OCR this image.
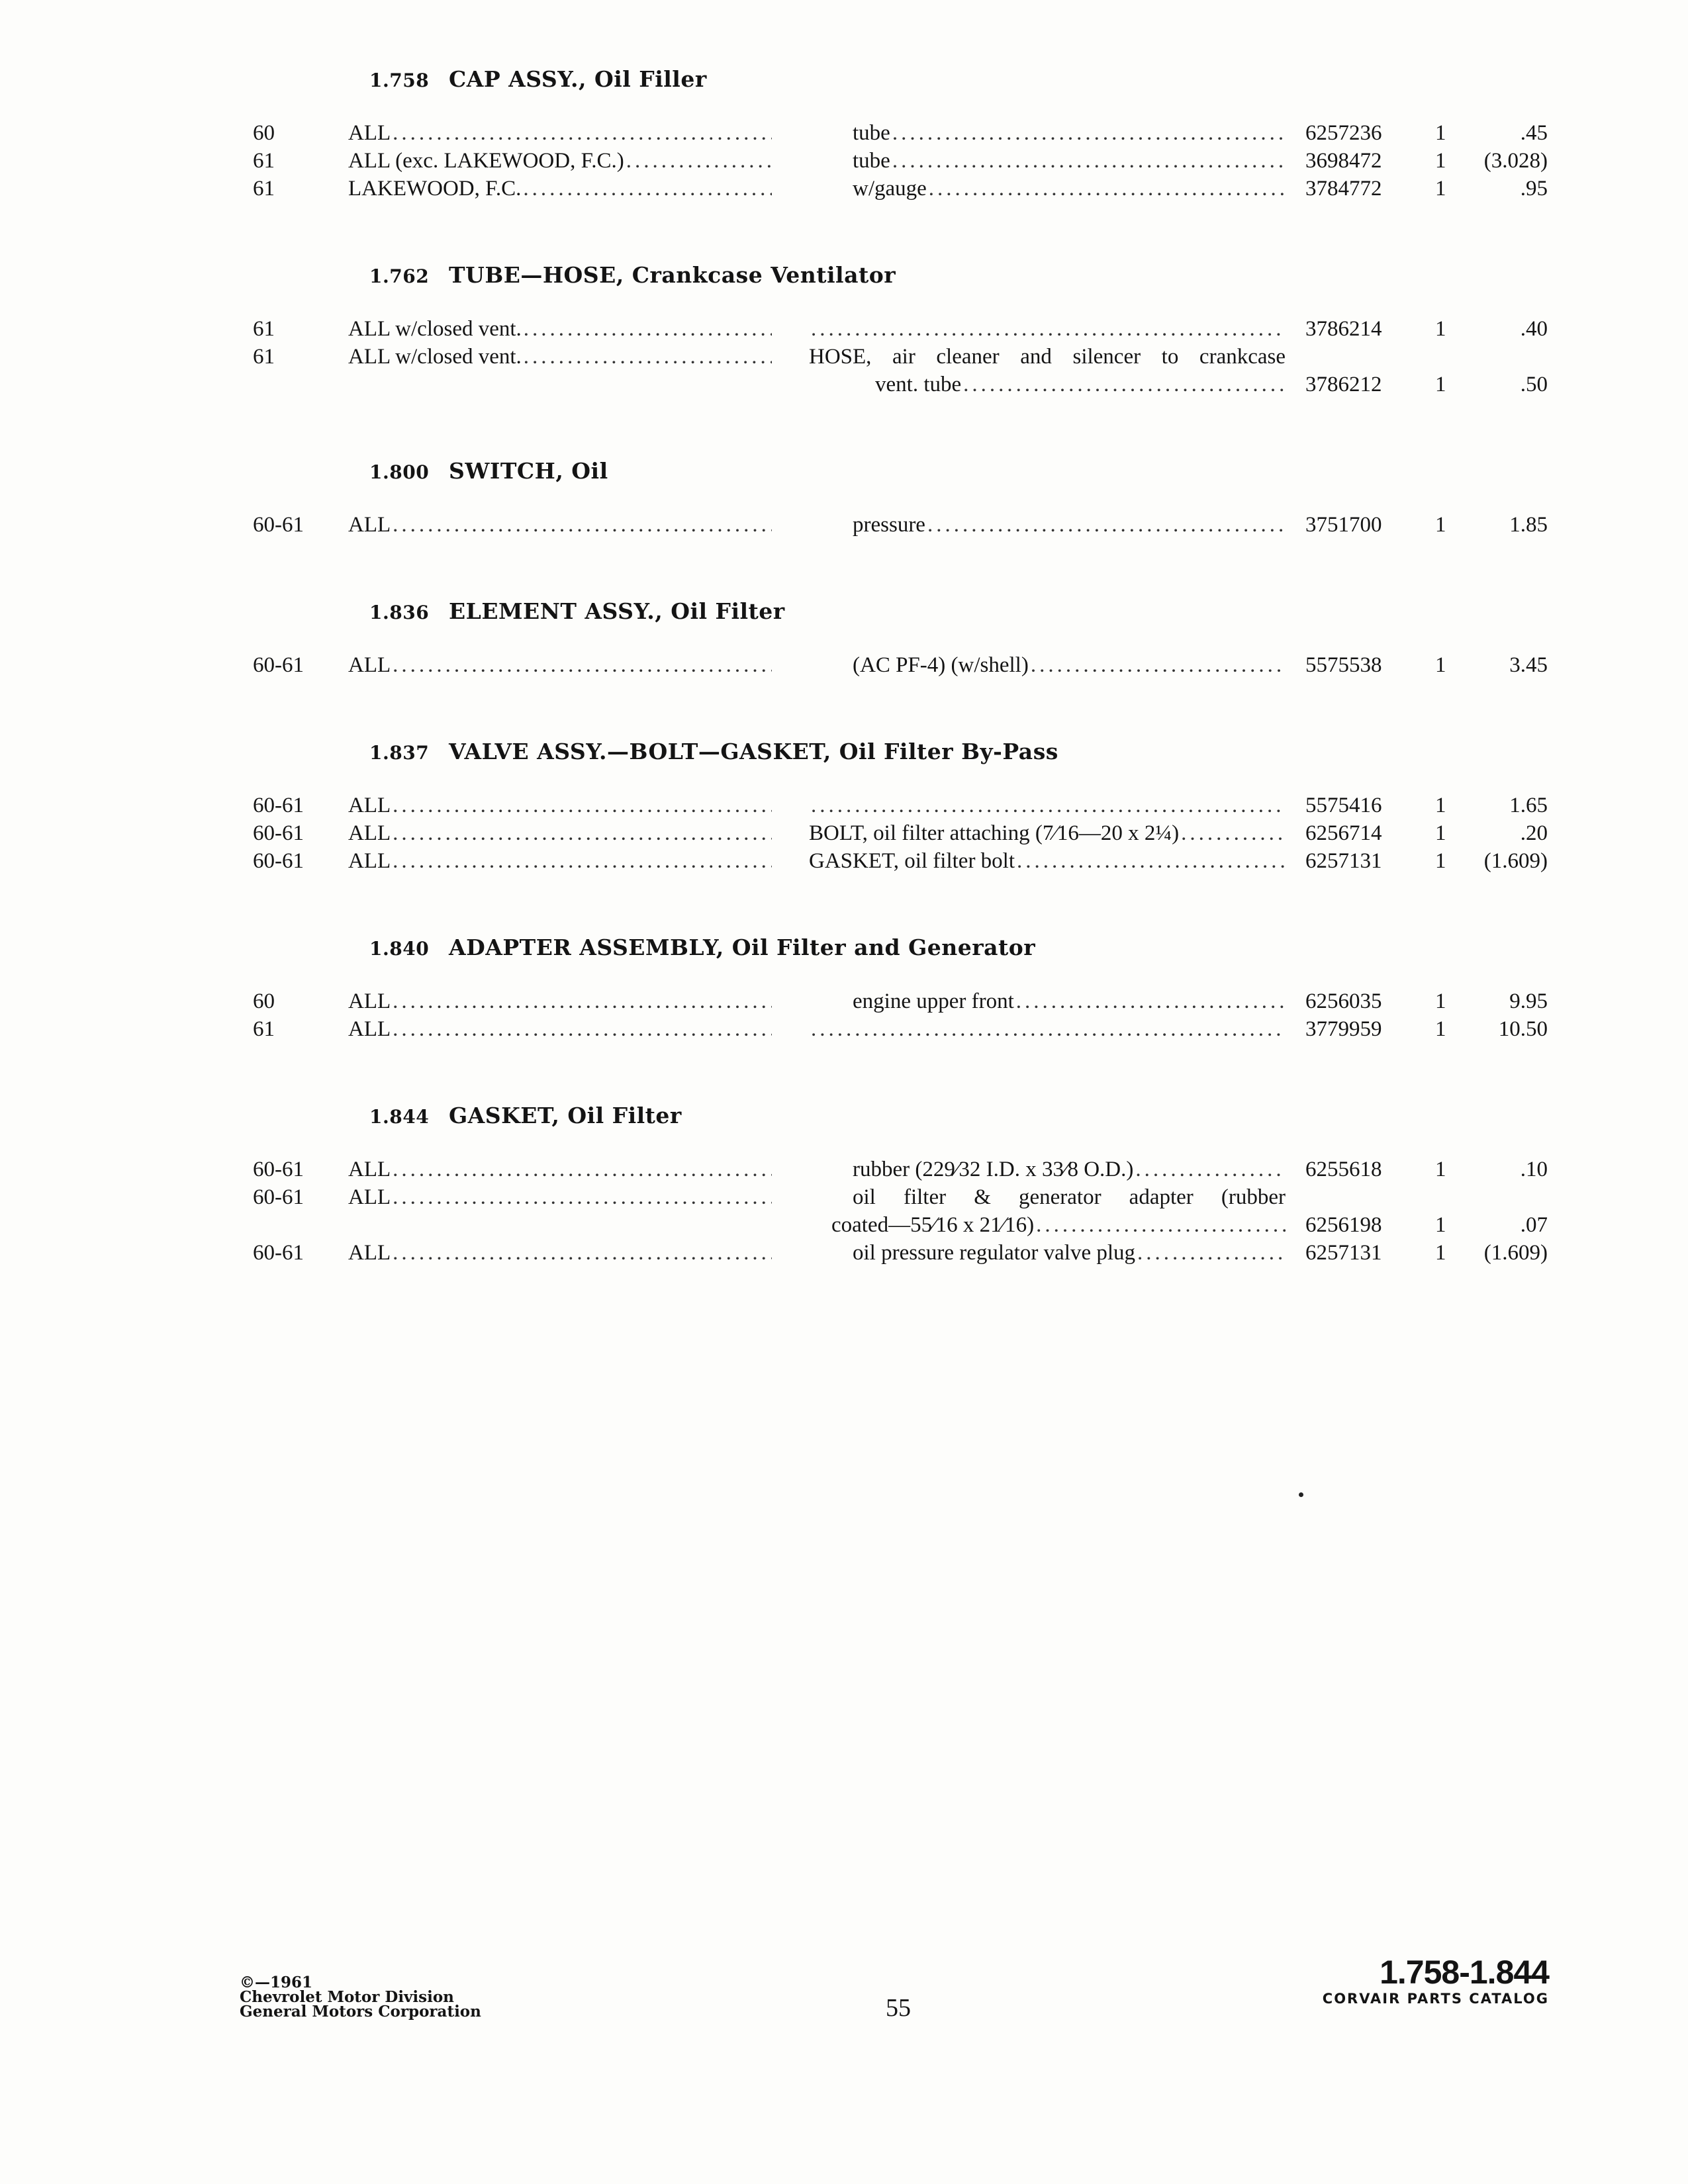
1.758 CAP ASSY., Oil Filler
60	ALL .....	tube .....	6257236 1	.45
61	ALL (exc. LAKEWOOD, F.C.) .....	tube .....	3698472 1	(3.028)
61	LAKEWOOD, F.C. .....	w/gauge .....	3784772 1	.95
1.762 TUBE—HOSE, Crankcase Ventilator
61	ALL w/closed vent. ..... .....	3786214 1	.40
61	ALL w/closed vent. .....	HOSE, air cleaner and silencer to crankcase
vent. tube .....	3786212 1	.50
1.800 SWITCH, Oil
60-61 ALL .....	pressure .....	3751700 1	1.85
1.836 ELEMENT ASSY., Oil Filter
60-61 ALL .....	(AC PF-4) (w/shell) .....	5575538 1	3.45
1.837 VALVE ASSY.—BOLT—GASKET, Oil Filter By-Pass
60-61 ALL ..... .....	5575416 1	1.65
60-61 ALL .....	BOLT, oil filter attaching (7⁄16—20 x 2¼) .....	6256714 1	.20
60-61 ALL .....	GASKET, oil filter bolt .....	6257131 1	(1.609)
1.840 ADAPTER ASSEMBLY, Oil Filter and Generator
60	ALL .....	engine upper front .....	6256035 1	9.95
61	ALL ..... .....	3779959 1	10.50
1.844 GASKET, Oil Filter
60-61 ALL .....	rubber (229⁄32 I.D. x 33⁄8 O.D.) .....	6255618 1	.10
60-61 ALL .....	oil filter & generator adapter (rubber
coated—55⁄16 x 21⁄16) .....	6256198 1	.07
60-61 ALL .....	oil pressure regulator valve plug .....	6257131 1	(1.609)
©—1961
Chevrolet Motor Division
General Motors Corporation	55
1.758-1.844
CORVAIR PARTS CATALOG
